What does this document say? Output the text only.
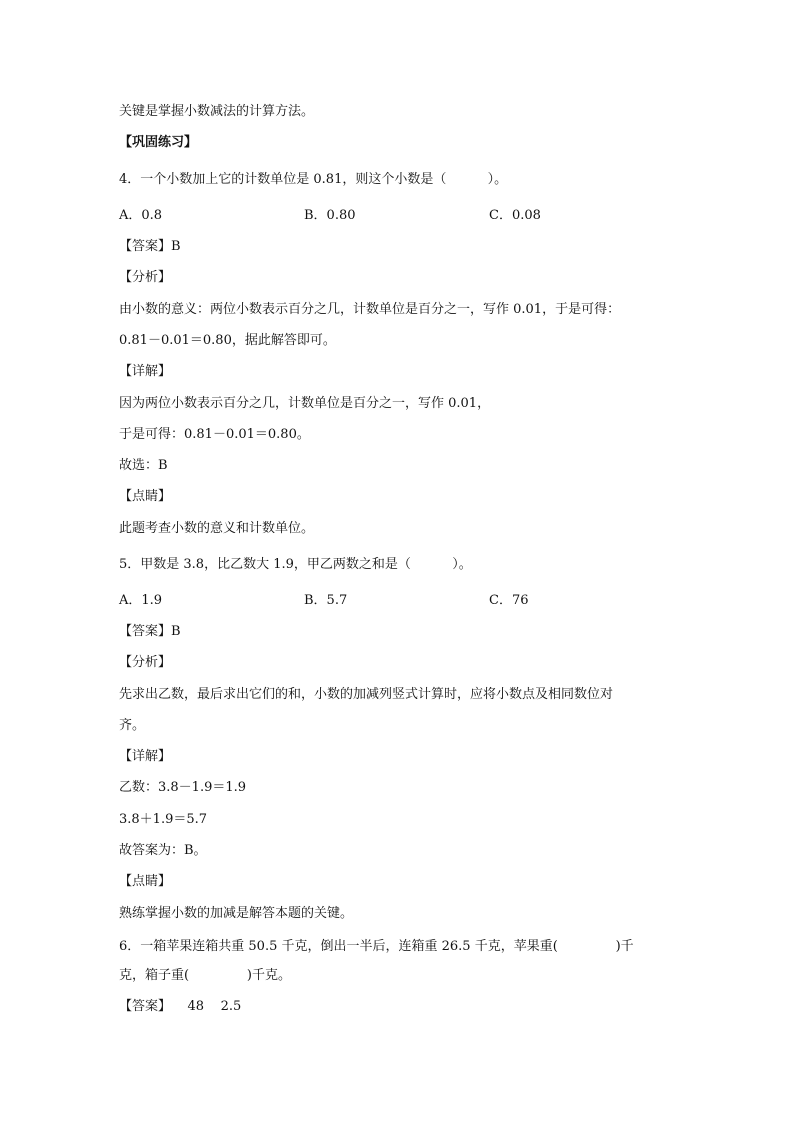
关键是掌握小数减法的计算方法。
【巩固练习】
4．一个小数加上它的计数单位是 0.81，则这个小数是（          ）。
A．0.8	B．0.80	C．0.08
【答案】B
【分析】
由小数的意义：两位小数表示百分之几，计数单位是百分之一，写作 0.01，于是可得：
0.81－0.01＝0.80，据此解答即可。
【详解】
因为两位小数表示百分之几，计数单位是百分之一，写作 0.01，
于是可得：0.81－0.01＝0.80。
故选：B
【点睛】
此题考查小数的意义和计数单位。
5．甲数是 3.8，比乙数大 1.9，甲乙两数之和是（          ）。
A．1.9	B．5.7	C．76
【答案】B
【分析】
先求出乙数，最后求出它们的和，小数的加减列竖式计算时，应将小数点及相同数位对
齐。
【详解】
乙数：3.8－1.9＝1.9
3.8＋1.9＝5.7
故答案为：B。
【点睛】
熟练掌握小数的加减是解答本题的关键。
6．一箱苹果连箱共重 50.5 千克，倒出一半后，连箱重 26.5 千克，苹果重(              )千
克，箱子重(              )千克。
【答案】    48    2.5
